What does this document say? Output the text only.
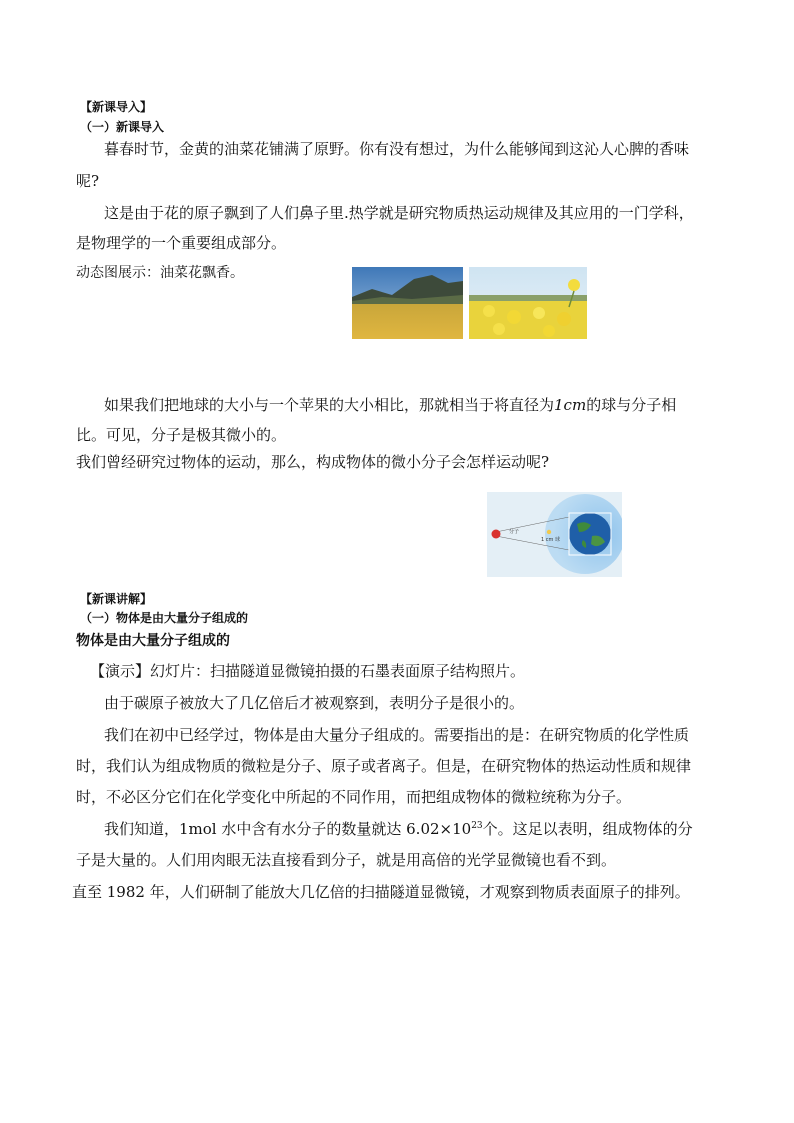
【新课导入】
（一）新课导入
暮春时节，金黄的油菜花铺满了原野。你有没有想过，为什么能够闻到这沁人心脾的香味
呢?
这是由于花的原子飘到了人们鼻子里.热学就是研究物质热运动规律及其应用的一门学科，
是物理学的一个重要组成部分。
动态图展示：油菜花飘香。
如果我们把地球的大小与一个苹果的大小相比，那就相当于将直径为1cm的球与分子相
比。可见，分子是极其微小的。
我们曾经研究过物体的运动，那么，构成物体的微小分子会怎样运动呢?
分子
1 cm 球
【新课讲解】
（一）物体是由大量分子组成的
物体是由大量分子组成的
【演示】幻灯片：扫描隧道显微镜拍摄的石墨表面原子结构照片。
由于碳原子被放大了几亿倍后才被观察到，表明分子是很小的。
我们在初中已经学过，物体是由大量分子组成的。需要指出的是：在研究物质的化学性质
时，我们认为组成物质的微粒是分子、原子或者离子。但是，在研究物体的热运动性质和规律
时，不必区分它们在化学变化中所起的不同作用，而把组成物体的微粒统称为分子。
我们知道，1mol 水中含有水分子的数量就达 $6.02\times 10^{23}$个。这足以表明，组成物体的分
子是大量的。人们用肉眼无法直接看到分子，就是用高倍的光学显微镜也看不到。
直至 1982 年，人们研制了能放大几亿倍的扫描隧道显微镜，才观察到物质表面原子的排列。
